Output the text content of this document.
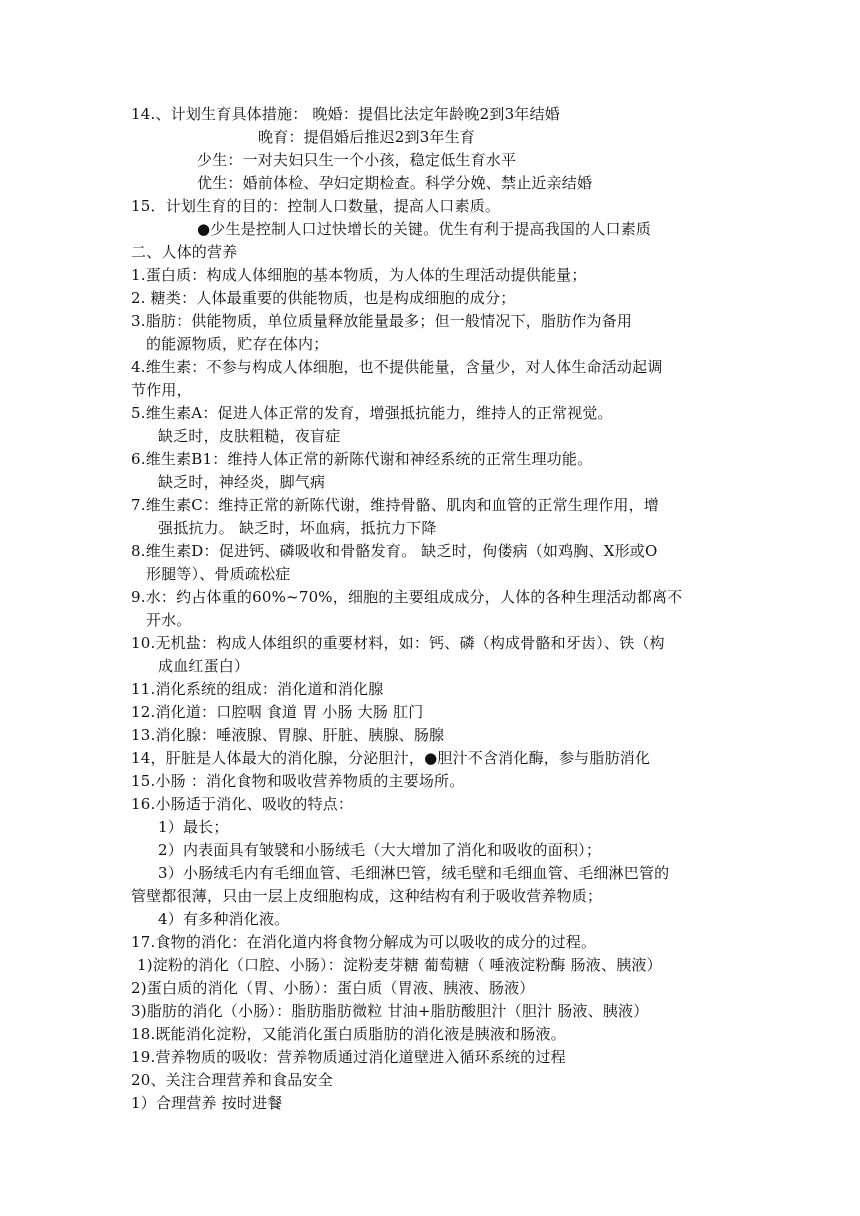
14.、计划生育具体措施： 晚婚：提倡比法定年龄晚2到3年结婚
晚育：提倡婚后推迟2到3年生育
少生：一对夫妇只生一个小孩，稳定低生育水平
优生：婚前体检、孕妇定期检查。科学分娩、禁止近亲结婚
15．计划生育的目的：控制人口数量，提高人口素质。
●少生是控制人口过快增长的关键。优生有利于提高我国的人口素质
二、人体的营养
1.蛋白质：构成人体细胞的基本物质，为人体的生理活动提供能量；
2. 糖类：人体最重要的供能物质，也是构成细胞的成分；
3.脂肪：供能物质，单位质量释放能量最多；但一般情况下，脂肪作为备用
的能源物质，贮存在体内；
4.维生素：不参与构成人体细胞，也不提供能量，含量少，对人体生命活动起调
节作用，
5.维生素A：促进人体正常的发育，增强抵抗能力，维持人的正常视觉。
缺乏时，皮肤粗糙，夜盲症
6.维生素B1：维持人体正常的新陈代谢和神经系统的正常生理功能。
缺乏时，神经炎，脚气病
7.维生素C：维持正常的新陈代谢，维持骨骼、肌肉和血管的正常生理作用，增
强抵抗力。 缺乏时，坏血病，抵抗力下降
8.维生素D：促进钙、磷吸收和骨骼发育。 缺乏时，佝偻病（如鸡胸、X形或O
形腿等）、骨质疏松症
9.水：约占体重的60%~70%，细胞的主要组成成分，人体的各种生理活动都离不
开水。
10.无机盐：构成人体组织的重要材料，如：钙、磷（构成骨骼和牙齿）、铁（构
成血红蛋白）
11.消化系统的组成：消化道和消化腺
12.消化道：口腔咽 食道 胃 小肠 大肠 肛门
13.消化腺：唾液腺、胃腺、肝脏、胰腺、肠腺
14，肝脏是人体最大的消化腺，分泌胆汁，●胆汁不含消化酶，参与脂肪消化
15.小肠 ：消化食物和吸收营养物质的主要场所。
16.小肠适于消化、吸收的特点：
1）最长；
2）内表面具有皱襞和小肠绒毛（大大增加了消化和吸收的面积）；
3）小肠绒毛内有毛细血管、毛细淋巴管，绒毛壁和毛细血管、毛细淋巴管的
管壁都很薄，只由一层上皮细胞构成，这种结构有利于吸收营养物质；
4）有多种消化液。
17.食物的消化：在消化道内将食物分解成为可以吸收的成分的过程。
1)淀粉的消化（口腔、小肠）：淀粉麦芽糖 葡萄糖（ 唾液淀粉酶 肠液、胰液）
2)蛋白质的消化（胃、小肠）：蛋白质（胃液、胰液、肠液）
3)脂肪的消化（小肠）：脂肪脂肪微粒 甘油+脂肪酸胆汁（胆汁 肠液、胰液）
18.既能消化淀粉，又能消化蛋白质脂肪的消化液是胰液和肠液。
19.营养物质的吸收：营养物质通过消化道壁进入循环系统的过程
20、关注合理营养和食品安全
1）合理营养 按时进餐
